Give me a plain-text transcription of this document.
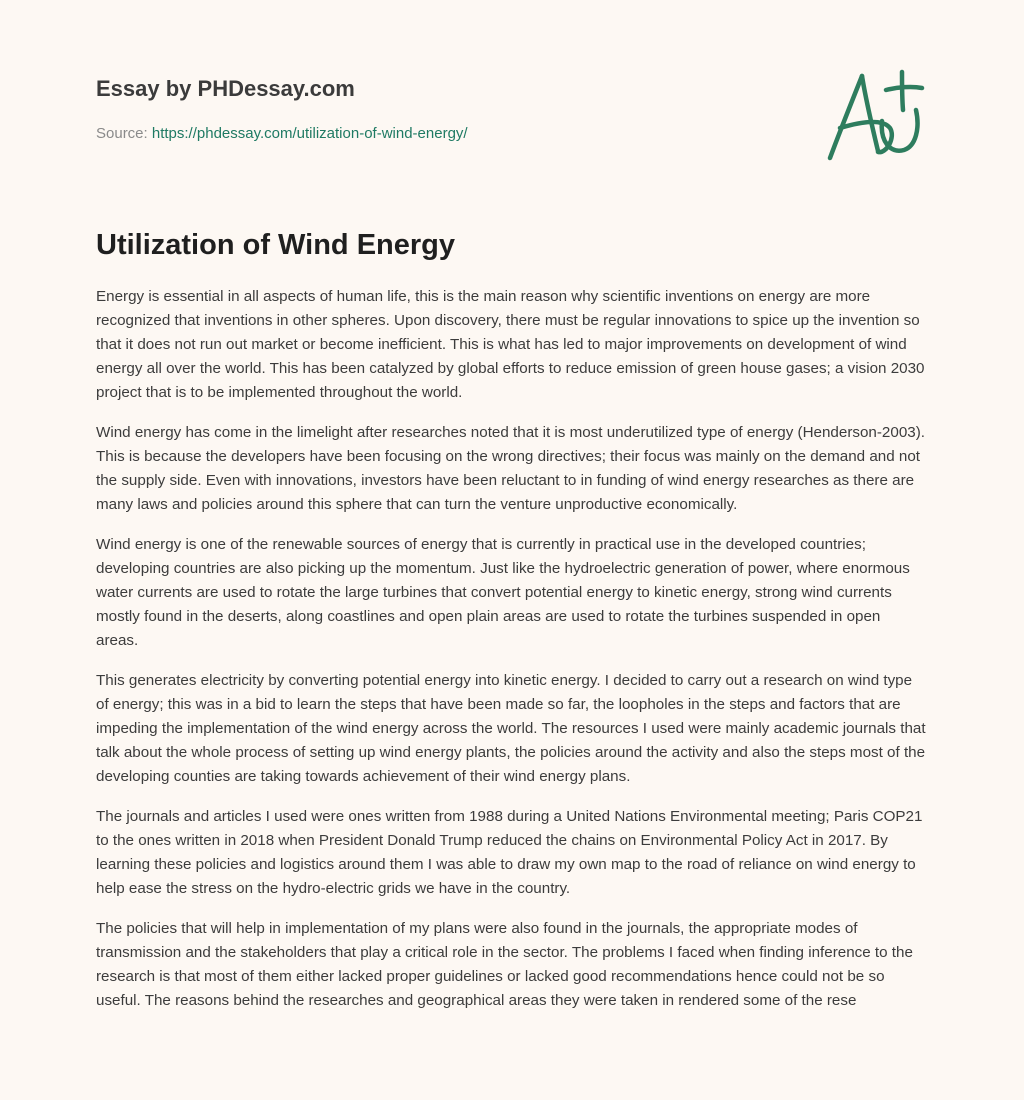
Essay by PHDessay.com
Source: https://phdessay.com/utilization-of-wind-energy/
Utilization of Wind Energy

Energy is essential in all aspects of human life, this is the main reason why scientific inventions on energy are more recognized that inventions in other spheres. Upon discovery, there must be regular innovations to spice up the invention so that it does not run out market or become inefficient. This is what has led to major improvements on development of wind energy all over the world. This has been catalyzed by global efforts to reduce emission of green house gases; a vision 2030 project that is to be implemented throughout the world.

Wind energy has come in the limelight after researches noted that it is most underutilized type of energy (Henderson-2003). This is because the developers have been focusing on the wrong directives; their focus was mainly on the demand and not the supply side. Even with innovations, investors have been reluctant to in funding of wind energy researches as there are many laws and policies around this sphere that can turn the venture unproductive economically.

Wind energy is one of the renewable sources of energy that is currently in practical use in the developed countries; developing countries are also picking up the momentum. Just like the hydroelectric generation of power, where enormous water currents are used to rotate the large turbines that convert potential energy to kinetic energy, strong wind currents mostly found in the deserts, along coastlines and open plain areas are used to rotate the turbines suspended in open areas.

This generates electricity by converting potential energy into kinetic energy. I decided to carry out a research on wind type of energy; this was in a bid to learn the steps that have been made so far, the loopholes in the steps and factors that are impeding the implementation of the wind energy across the world. The resources I used were mainly academic journals that talk about the whole process of setting up wind energy plants, the policies around the activity and also the steps most of the developing counties are taking towards achievement of their wind energy plans.

The journals and articles I used were ones written from 1988 during a United Nations Environmental meeting; Paris COP21 to the ones written in 2018 when President Donald Trump reduced the chains on Environmental Policy Act in 2017. By learning these policies and logistics around them I was able to draw my own map to the road of reliance on wind energy to help ease the stress on the hydro-electric grids we have in the country.

The policies that will help in implementation of my plans were also found in the journals, the appropriate modes of transmission and the stakeholders that play a critical role in the sector. The problems I faced when finding inference to the research is that most of them either lacked proper guidelines or lacked good recommendations hence could not be so useful. The reasons behind the researches and geographical areas they were taken in rendered some of the rese
